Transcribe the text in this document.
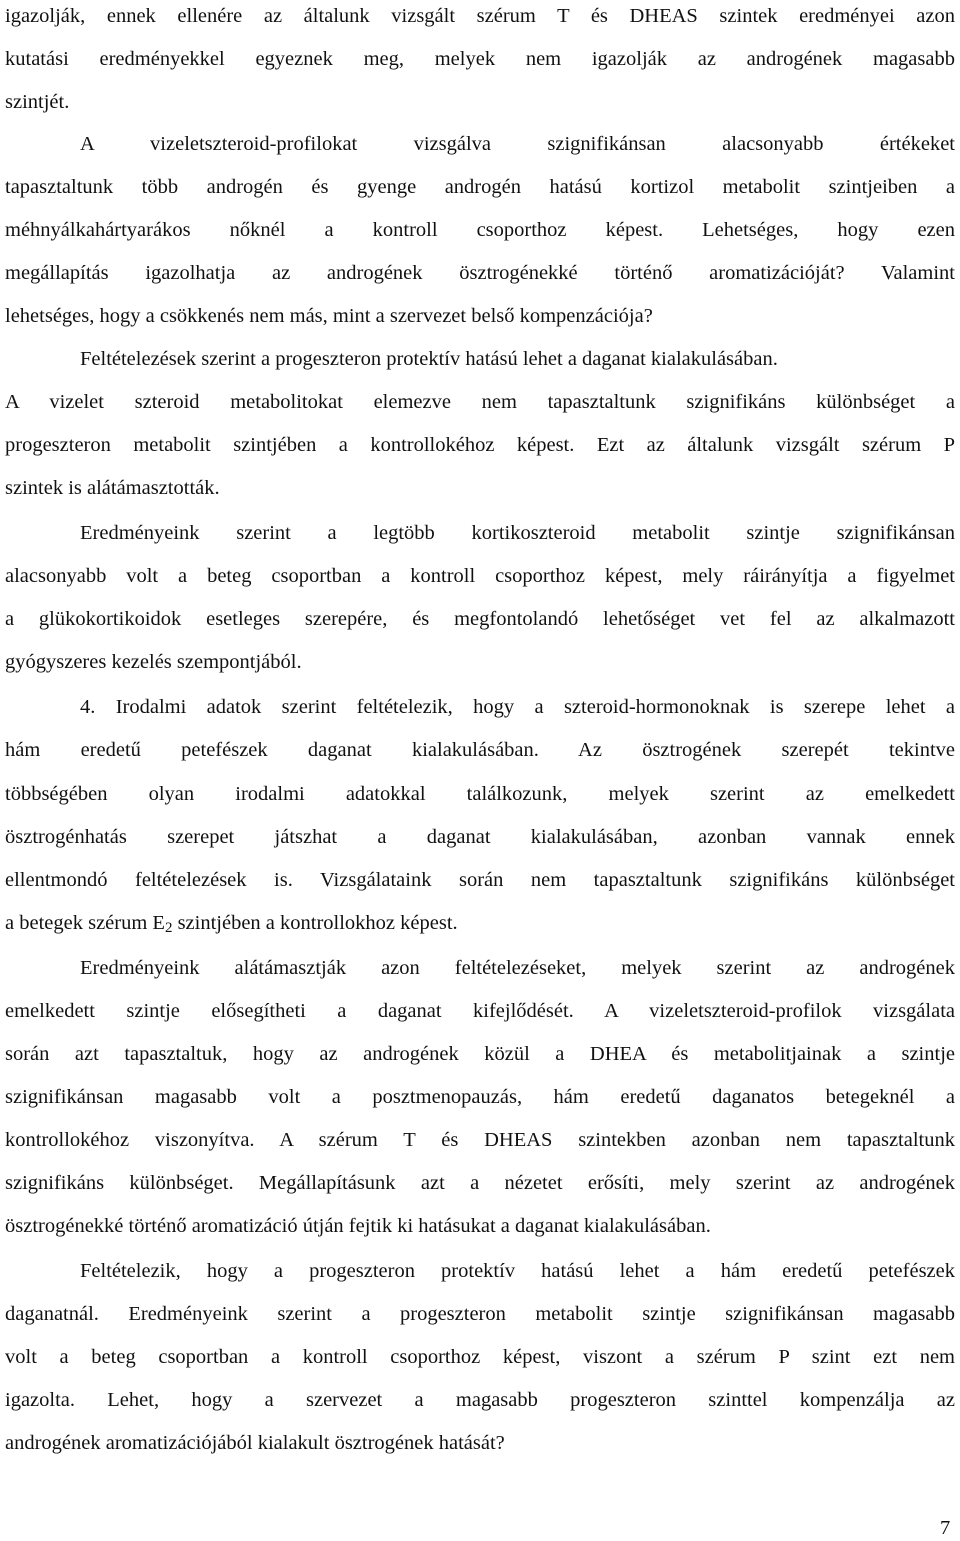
igazolják, ennek ellenére az általunk vizsgált szérum T és DHEAS szintek eredményei azon
kutatási eredményekkel egyeznek meg, melyek nem igazolják az androgének magasabb
szintjét.
A vizeletszteroid-profilokat vizsgálva szignifikánsan alacsonyabb értékeket
tapasztaltunk több androgén és gyenge androgén hatású kortizol metabolit szintjeiben a
méhnyálkahártyarákos nőknél a kontroll csoporthoz képest. Lehetséges, hogy ezen
megállapítás igazolhatja az androgének ösztrogénekké történő aromatizációját? Valamint
lehetséges, hogy a csökkenés nem más, mint a szervezet belső kompenzációja?
Feltételezések szerint a progeszteron protektív hatású lehet a daganat kialakulásában.
A vizelet szteroid metabolitokat elemezve nem tapasztaltunk szignifikáns különbséget a
progeszteron metabolit szintjében a kontrollokéhoz képest. Ezt az általunk vizsgált szérum P
szintek is alátámasztották.
Eredményeink szerint a legtöbb kortikoszteroid metabolit szintje szignifikánsan
alacsonyabb volt a beteg csoportban a kontroll csoporthoz képest, mely ráirányítja a figyelmet
a glükokortikoidok esetleges szerepére, és megfontolandó lehetőséget vet fel az alkalmazott
gyógyszeres kezelés szempontjából.
4. Irodalmi adatok szerint feltételezik, hogy a szteroid-hormonoknak is szerepe lehet a
hám eredetű petefészek daganat kialakulásában. Az ösztrogének szerepét tekintve
többségében olyan irodalmi adatokkal találkozunk, melyek szerint az emelkedett
ösztrogénhatás szerepet játszhat a daganat kialakulásában, azonban vannak ennek
ellentmondó feltételezések is. Vizsgálataink során nem tapasztaltunk szignifikáns különbséget
a betegek szérum $E_2$ szintjében a kontrollokhoz képest.
Eredményeink alátámasztják azon feltételezéseket, melyek szerint az androgének
emelkedett szintje elősegítheti a daganat kifejlődését. A vizeletszteroid-profilok vizsgálata
során azt tapasztaltuk, hogy az androgének közül a DHEA és metabolitjainak a szintje
szignifikánsan magasabb volt a posztmenopauzás, hám eredetű daganatos betegeknél a
kontrollokéhoz viszonyítva. A szérum T és DHEAS szintekben azonban nem tapasztaltunk
szignifikáns különbséget. Megállapításunk azt a nézetet erősíti, mely szerint az androgének
ösztrogénekké történő aromatizáció útján fejtik ki hatásukat a daganat kialakulásában.
Feltételezik, hogy a progeszteron protektív hatású lehet a hám eredetű petefészek
daganatnál. Eredményeink szerint a progeszteron metabolit szintje szignifikánsan magasabb
volt a beteg csoportban a kontroll csoporthoz képest, viszont a szérum P szint ezt nem
igazolta. Lehet, hogy a szervezet a magasabb progeszteron szinttel kompenzálja az
androgének aromatizációjából kialakult ösztrogének hatását?
7
